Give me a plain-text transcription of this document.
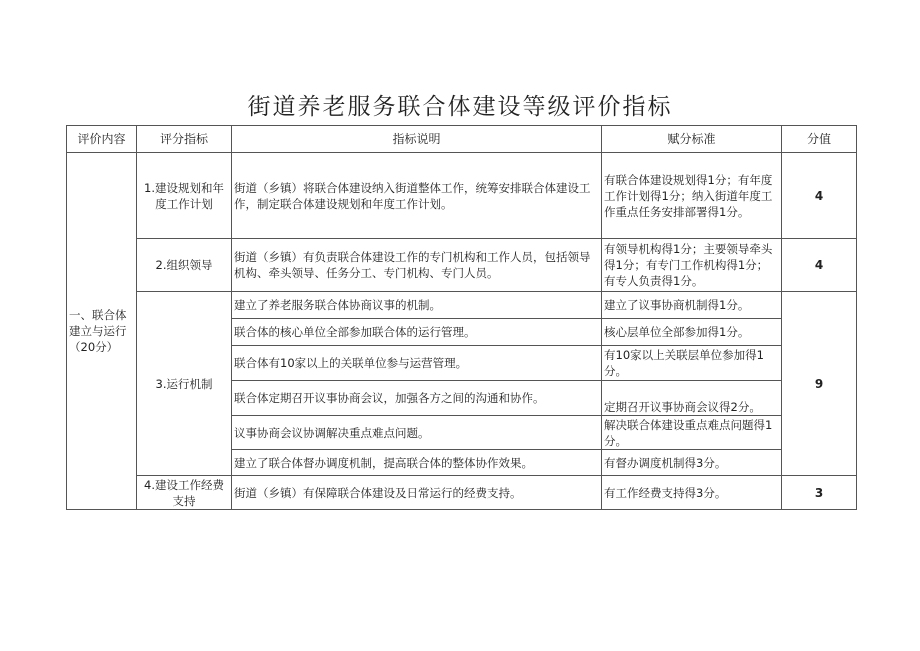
街道养老服务联合体建设等级评价指标
评价内容	评分指标	指标说明	赋分标准	分值
一、联合体建立与运行（20分）	1.建设规划和年度工作计划	街道（乡镇）将联合体建设纳入街道整体工作，统筹安排联合体建设工作，制定联合体建设规划和年度工作计划。	有联合体建设规划得1分；有年度工作计划得1分；纳入街道年度工作重点任务安排部署得1分。	4
	2.组织领导	街道（乡镇）有负责联合体建设工作的专门机构和工作人员，包括领导机构、牵头领导、任务分工、专门机构、专门人员。	有领导机构得1分；主要领导牵头得1分；有专门工作机构得1分；有专人负责得1分。	4
	3.运行机制	建立了养老服务联合体协商议事的机制。	建立了议事协商机制得1分。	9
		联合体的核心单位全部参加联合体的运行管理。	核心层单位全部参加得1分。	
		联合体有10家以上的关联单位参与运营管理。	有10家以上关联层单位参加得1分。	
		联合体定期召开议事协商会议，加强各方之间的沟通和协作。	定期召开议事协商会议得2分。	
		议事协商会议协调解决重点难点问题。	解决联合体建设重点难点问题得1分。	
		建立了联合体督办调度机制，提高联合体的整体协作效果。	有督办调度机制得3分。	
	4.建设工作经费支持	街道（乡镇）有保障联合体建设及日常运行的经费支持。	有工作经费支持得3分。	3
